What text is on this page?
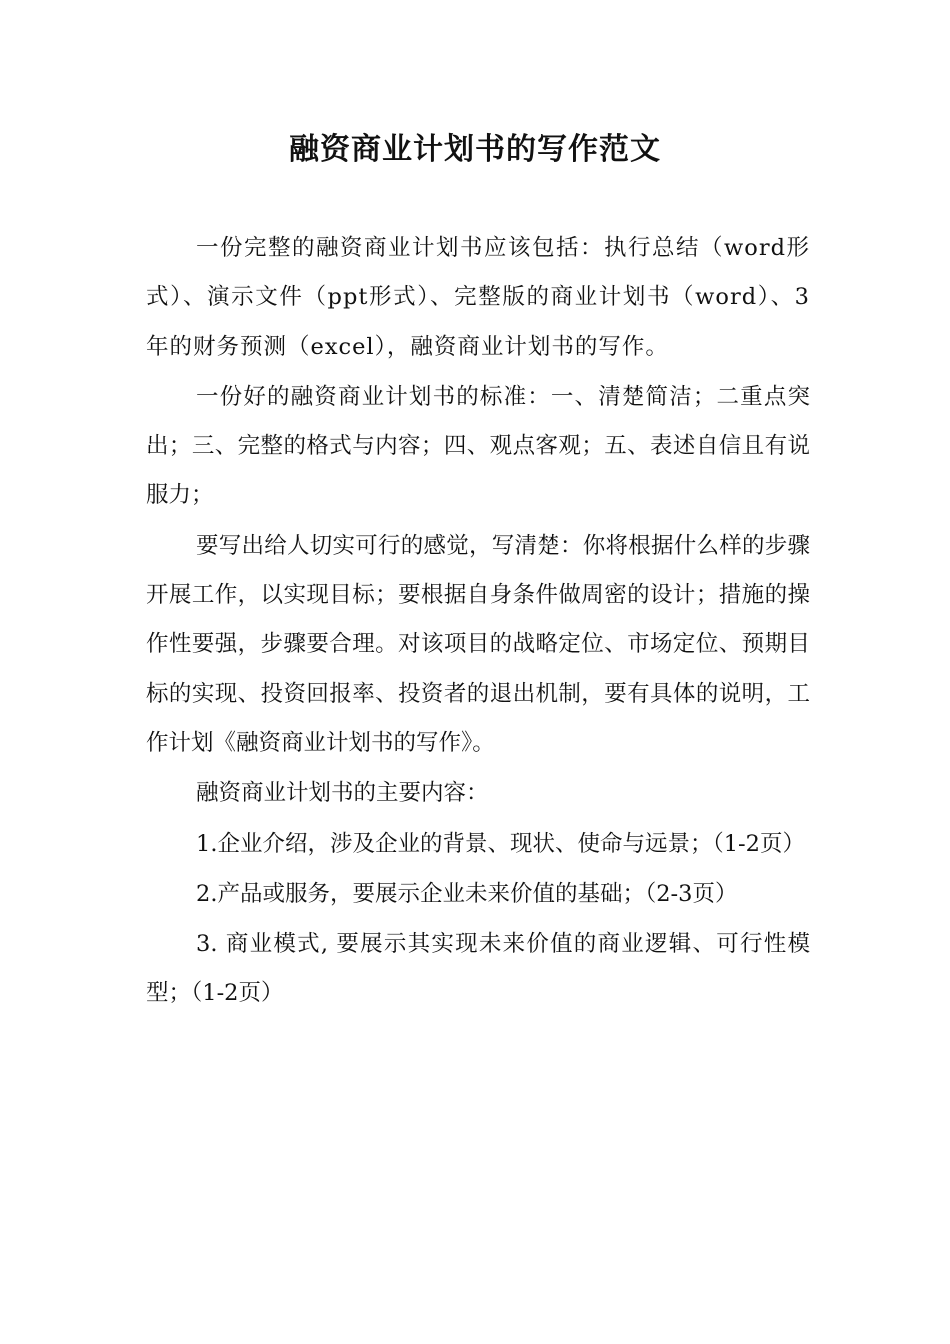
融资商业计划书的写作范文

一份完整的融资商业计划书应该包括：执行总结（word形式）、演示文件（ppt形式）、完整版的商业计划书（word）、3年的财务预测（excel），融资商业计划书的写作。

一份好的融资商业计划书的标准：一、清楚简洁；二重点突出；三、完整的格式与内容；四、观点客观；五、表述自信且有说服力；

要写出给人切实可行的感觉，写清楚：你将根据什么样的步骤开展工作，以实现目标；要根据自身条件做周密的设计；措施的操作性要强，步骤要合理。对该项目的战略定位、市场定位、预期目标的实现、投资回报率、投资者的退出机制，要有具体的说明，工作计划《融资商业计划书的写作》。

融资商业计划书的主要内容：

1.企业介绍，涉及企业的背景、现状、使命与远景；（1-2页）

2.产品或服务，要展示企业未来价值的基础；（2-3页）

3. 商业模式, 要展示其实现未来价值的商业逻辑、可行性模型；（1-2页）
